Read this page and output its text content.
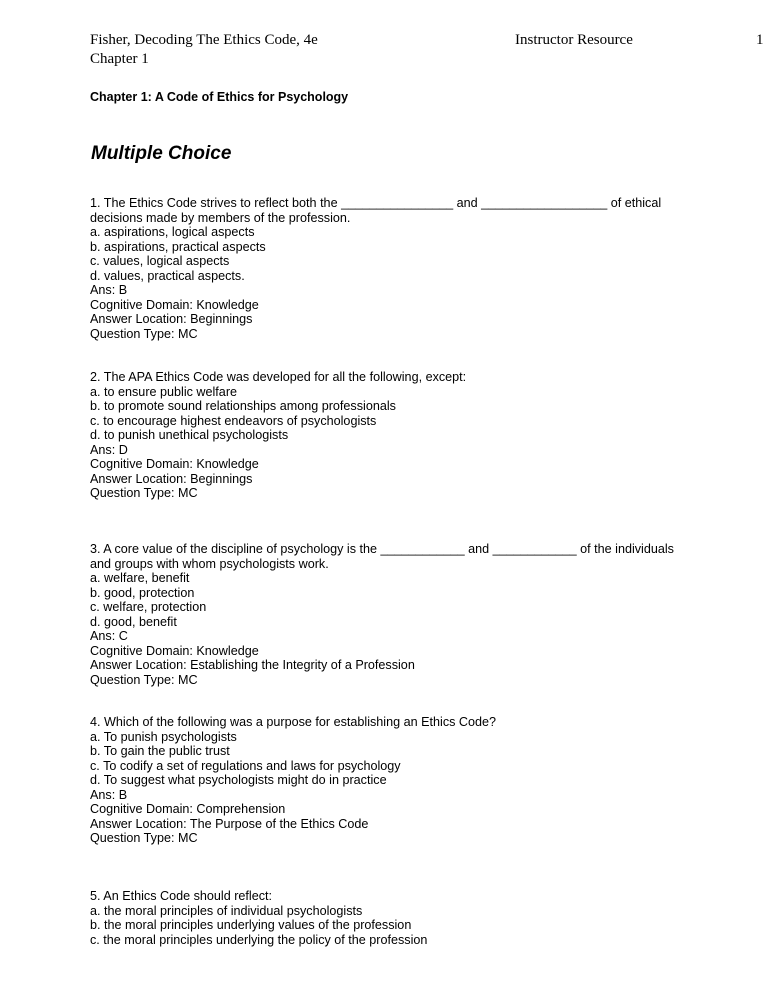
Fisher, Decoding The Ethics Code, 4e
Chapter 1
Instructor Resource	1
Chapter 1: A Code of Ethics for Psychology
Multiple Choice
1. The Ethics Code strives to reflect both the ________________ and __________________ of ethical
decisions made by members of the profession.
a. aspirations, logical aspects
b. aspirations, practical aspects
c. values, logical aspects
d. values, practical aspects.
Ans: B
Cognitive Domain: Knowledge
Answer Location: Beginnings
Question Type: MC
2. The APA Ethics Code was developed for all the following, except:
a. to ensure public welfare
b. to promote sound relationships among professionals
c. to encourage highest endeavors of psychologists
d. to punish unethical psychologists
Ans: D
Cognitive Domain: Knowledge
Answer Location: Beginnings
Question Type: MC
3. A core value of the discipline of psychology is the ____________ and ____________ of the individuals
and groups with whom psychologists work.
a. welfare, benefit
b. good, protection
c. welfare, protection
d. good, benefit
Ans: C
Cognitive Domain: Knowledge
Answer Location: Establishing the Integrity of a Profession
Question Type: MC
4. Which of the following was a purpose for establishing an Ethics Code?
a. To punish psychologists
b. To gain the public trust
c. To codify a set of regulations and laws for psychology
d. To suggest what psychologists might do in practice
Ans: B
Cognitive Domain: Comprehension
Answer Location: The Purpose of the Ethics Code
Question Type: MC
5. An Ethics Code should reflect:
a. the moral principles of individual psychologists
b. the moral principles underlying values of the profession
c. the moral principles underlying the policy of the profession
